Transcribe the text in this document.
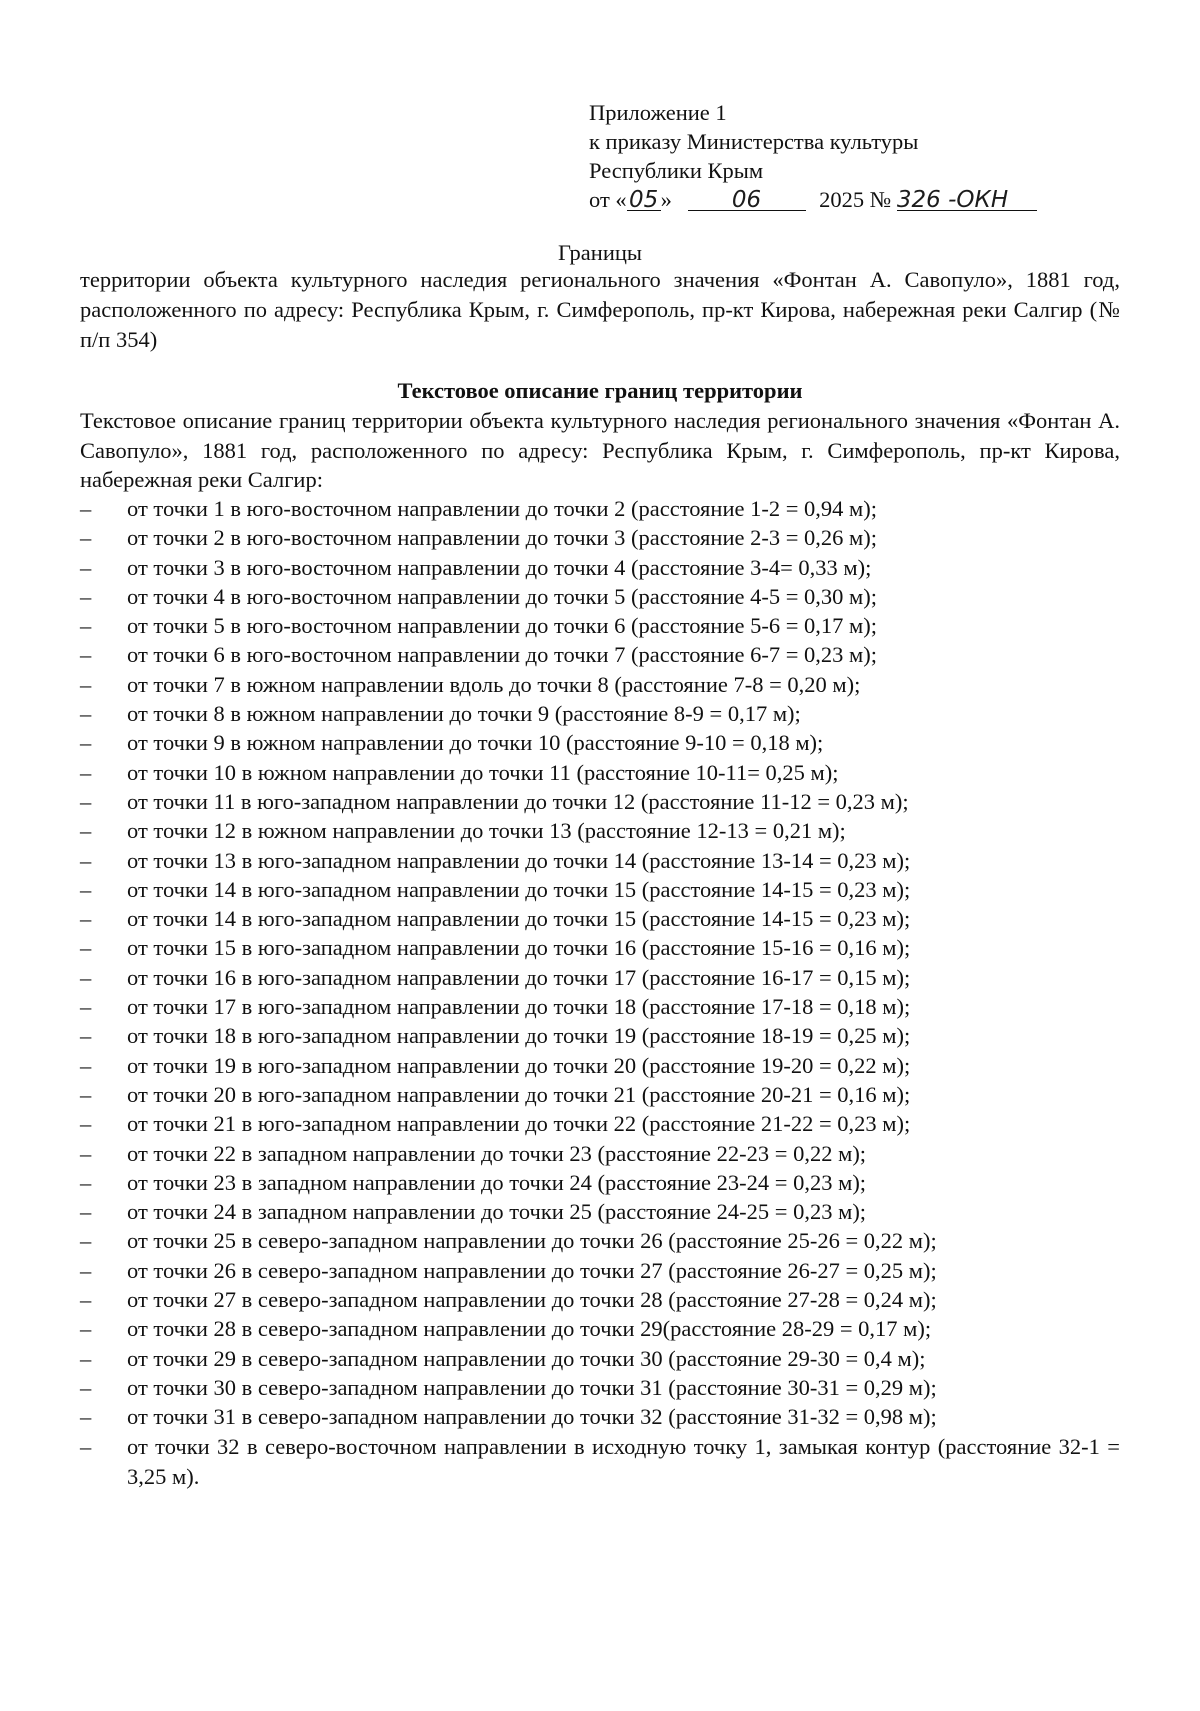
Приложение 1
к приказу Министерства культуры
Республики Крым
от « 05 »	06	2025 № 326 -ОКН
Границы
территории объекта культурного наследия регионального значения «Фонтан А. Савопуло», 1881 год, расположенного по адресу: Республика Крым, г. Симферополь, пр-кт Кирова, набережная реки Салгир (№ п/п 354)
Текстовое описание границ территории
Текстовое описание границ территории объекта культурного наследия регионального значения «Фонтан А. Савопуло», 1881 год, расположенного по адресу: Республика Крым, г. Симферополь, пр-кт Кирова, набережная реки Салгир:
– от точки 1 в юго-восточном направлении до точки 2 (расстояние 1-2 = 0,94 м);
– от точки 2 в юго-восточном направлении до точки 3 (расстояние 2-3 = 0,26 м);
– от точки 3 в юго-восточном направлении до точки 4 (расстояние 3-4= 0,33 м);
– от точки 4 в юго-восточном направлении до точки 5 (расстояние 4-5 = 0,30 м);
– от точки 5 в юго-восточном направлении до точки 6 (расстояние 5-6 = 0,17 м);
– от точки 6 в юго-восточном направлении до точки 7 (расстояние 6-7 = 0,23 м);
– от точки 7 в южном направлении вдоль до точки 8 (расстояние 7-8 = 0,20 м);
– от точки 8 в южном направлении до точки 9 (расстояние 8-9 = 0,17 м);
– от точки 9 в южном направлении до точки 10 (расстояние 9-10 = 0,18 м);
– от точки 10 в южном направлении до точки 11 (расстояние 10-11= 0,25 м);
– от точки 11 в юго-западном направлении до точки 12 (расстояние 11-12 = 0,23 м);
– от точки 12 в южном направлении до точки 13 (расстояние 12-13 = 0,21 м);
– от точки 13 в юго-западном направлении до точки 14 (расстояние 13-14 = 0,23 м);
– от точки 14 в юго-западном направлении до точки 15 (расстояние 14-15 = 0,23 м);
– от точки 14 в юго-западном направлении до точки 15 (расстояние 14-15 = 0,23 м);
– от точки 15 в юго-западном направлении до точки 16 (расстояние 15-16 = 0,16 м);
– от точки 16 в юго-западном направлении до точки 17 (расстояние 16-17 = 0,15 м);
– от точки 17 в юго-западном направлении до точки 18 (расстояние 17-18 = 0,18 м);
– от точки 18 в юго-западном направлении до точки 19 (расстояние 18-19 = 0,25 м);
– от точки 19 в юго-западном направлении до точки 20 (расстояние 19-20 = 0,22 м);
– от точки 20 в юго-западном направлении до точки 21 (расстояние 20-21 = 0,16 м);
– от точки 21 в юго-западном направлении до точки 22 (расстояние 21-22 = 0,23 м);
– от точки 22 в западном направлении до точки 23 (расстояние 22-23 = 0,22 м);
– от точки 23 в западном направлении до точки 24 (расстояние 23-24 = 0,23 м);
– от точки 24 в западном направлении до точки 25 (расстояние 24-25 = 0,23 м);
– от точки 25 в северо-западном направлении до точки 26 (расстояние 25-26 = 0,22 м);
– от точки 26 в северо-западном направлении до точки 27 (расстояние 26-27 = 0,25 м);
– от точки 27 в северо-западном направлении до точки 28 (расстояние 27-28 = 0,24 м);
– от точки 28 в северо-западном направлении до точки 29(расстояние 28-29 = 0,17 м);
– от точки 29 в северо-западном направлении до точки 30 (расстояние 29-30 = 0,4 м);
– от точки 30 в северо-западном направлении до точки 31 (расстояние 30-31 = 0,29 м);
– от точки 31 в северо-западном направлении до точки 32 (расстояние 31-32 = 0,98 м);
– от точки 32 в северо-восточном направлении в исходную точку 1, замыкая контур (расстояние 32-1 = 3,25 м).
